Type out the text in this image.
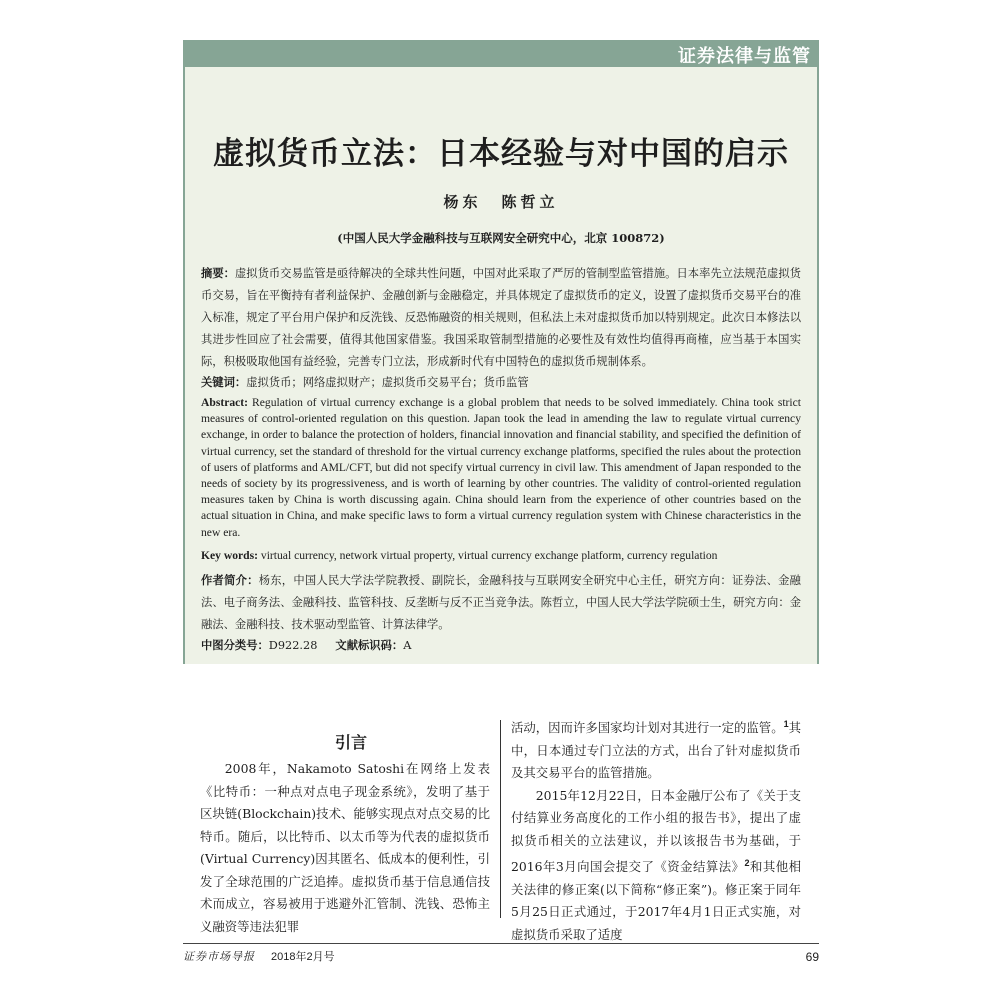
证券法律与监管
虚拟货币立法：日本经验与对中国的启示
杨东 陈哲立
(中国人民大学金融科技与互联网安全研究中心，北京 100872)
摘要：虚拟货币交易监管是亟待解决的全球共性问题，中国对此采取了严厉的管制型监管措施。日本率先立法规范虚拟货币交易，旨在平衡持有者利益保护、金融创新与金融稳定，并具体规定了虚拟货币的定义，设置了虚拟货币交易平台的准入标准，规定了平台用户保护和反洗钱、反恐怖融资的相关规则，但私法上未对虚拟货币加以特别规定。此次日本修法以其进步性回应了社会需要，值得其他国家借鉴。我国采取管制型措施的必要性及有效性均值得再商榷，应当基于本国实际，积极吸取他国有益经验，完善专门立法，形成新时代有中国特色的虚拟货币规制体系。
关键词：虚拟货币；网络虚拟财产；虚拟货币交易平台；货币监管
Abstract: Regulation of virtual currency exchange is a global problem that needs to be solved immediately. China took strict measures of control-oriented regulation on this question. Japan took the lead in amending the law to regulate virtual currency exchange, in order to balance the protection of holders, financial innovation and financial stability, and specified the definition of virtual currency, set the standard of threshold for the virtual currency exchange platforms, specified the rules about the protection of users of platforms and AML/CFT, but did not specify virtual currency in civil law. This amendment of Japan responded to the needs of society by its progressiveness, and is worth of learning by other countries. The validity of control-oriented regulation measures taken by China is worth discussing again. China should learn from the experience of other countries based on the actual situation in China, and make specific laws to form a virtual currency regulation system with Chinese characteristics in the new era.
Key words: virtual currency, network virtual property, virtual currency exchange platform, currency regulation
作者简介：杨东，中国人民大学法学院教授、副院长，金融科技与互联网安全研究中心主任，研究方向：证券法、金融法、电子商务法、金融科技、监管科技、反垄断与反不正当竞争法。陈哲立，中国人民大学法学院硕士生，研究方向：金融法、金融科技、技术驱动型监管、计算法律学。
中图分类号：D922.28 文献标识码：A
引言

2008年，Nakamoto Satoshi在网络上发表《比特币：一种点对点电子现金系统》，发明了基于区块链(Blockchain)技术、能够实现点对点交易的比特币。随后，以比特币、以太币等为代表的虚拟货币(Virtual Currency)因其匿名、低成本的便利性，引发了全球范围的广泛追捧。虚拟货币基于信息通信技术而成立，容易被用于逃避外汇管制、洗钱、恐怖主义融资等违法犯罪

活动，因而许多国家均计划对其进行一定的监管。$^1$其中，日本通过专门立法的方式，出台了针对虚拟货币及其交易平台的监管措施。

2015年12月22日，日本金融厅公布了《关于支付结算业务高度化的工作小组的报告书》，提出了虚拟货币相关的立法建议，并以该报告书为基础，于2016年3月向国会提交了《资金结算法》$^2$和其他相关法律的修正案(以下简称“修正案”)。修正案于同年5月25日正式通过，于2017年4月1日正式实施，对虚拟货币采取了适度

证券市场导报 2018年2月号	69
